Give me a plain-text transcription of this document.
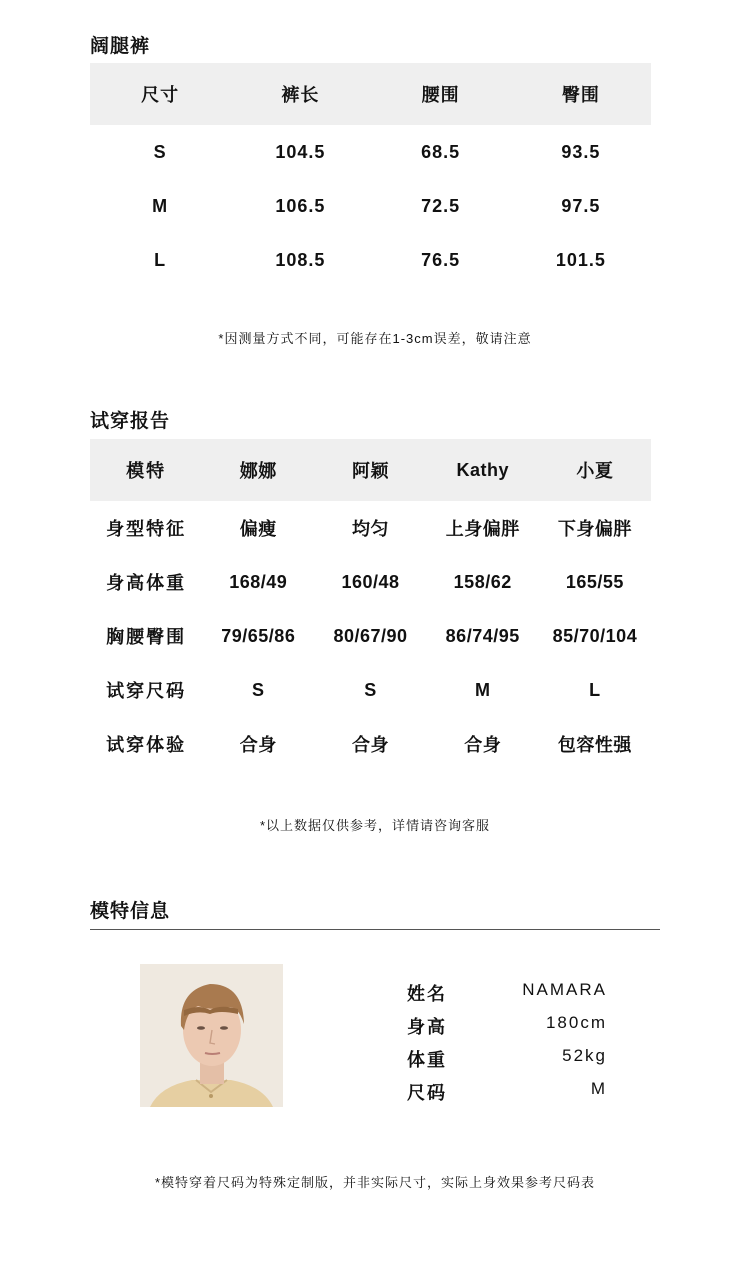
阔腿裤
尺寸	裤长	腰围	臀围
S	104.5	68.5	93.5
M	106.5	72.5	97.5
L	108.5	76.5	101.5
*因测量方式不同，可能存在1-3cm误差，敬请注意
试穿报告
模特	娜娜	阿颖	Kathy	小夏
身型特征	偏瘦	均匀	上身偏胖	下身偏胖
身高体重	168/49	160/48	158/62	165/55
胸腰臀围	79/65/86	80/67/90	86/74/95	85/70/104
试穿尺码	S	S	M	L
试穿体验	合身	合身	合身	包容性强
*以上数据仅供参考，详情请咨询客服
模特信息
姓名	NAMARA
身高	180cm
体重	52kg
尺码	M
*模特穿着尺码为特殊定制版，并非实际尺寸，实际上身效果参考尺码表
